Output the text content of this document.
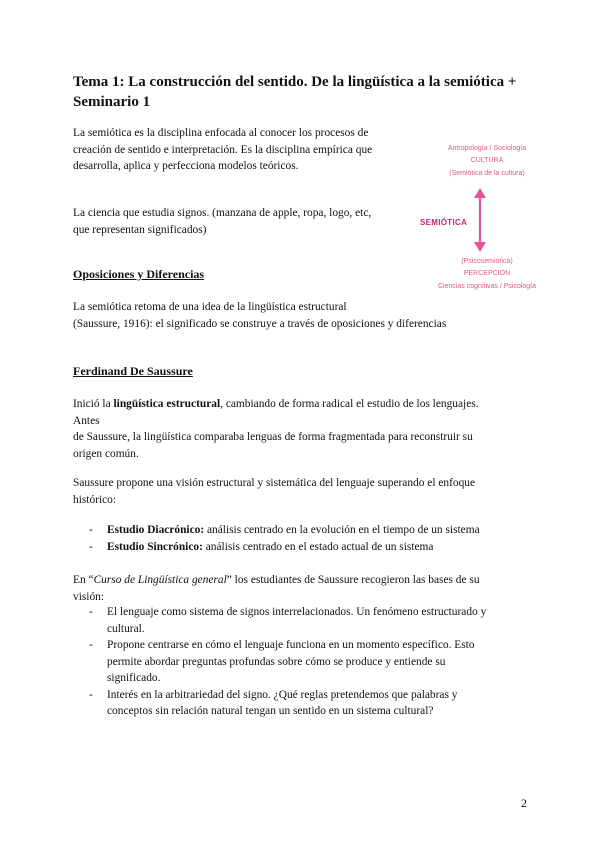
Tema 1: La construcción del sentido. De la lingüística a la semiótica + Seminario 1
La semiótica es la disciplina enfocada al conocer los procesos de
creación de sentido e interpretación. Es la disciplina empírica que
desarrolla, aplica y perfecciona modelos teóricos.
La ciencia que estudia signos. (manzana de apple, ropa, logo, etc,
que representan significados)
Antropología / Sociología
CULTURA
(Semiótica de la cultura)
SEMIÓTICA
(Psicosemiótica)
PERCEPCIÓN
Ciencias cognitivas / Psicología
Oposiciones y Diferencias
La semiótica retoma de una idea de la lingüística estructural
(Saussure, 1916): el significado se construye a través de oposiciones y diferencias
Ferdinand De Saussure
Inició la lingüística estructural, cambiando de forma radical el estudio de los lenguajes.
Antes
de Saussure, la lingüística comparaba lenguas de forma fragmentada para reconstruir su
origen común.
Saussure propone una visión estructural y sistemática del lenguaje superando el enfoque
histórico:
- Estudio Diacrónico: análisis centrado en la evolución en el tiempo de un sistema
- Estudio Sincrónico: análisis centrado en el estado actual de un sistema
En “Curso de Lingüística general” los estudiantes de Saussure recogieron las bases de su
visión:
- El lenguaje como sistema de signos interrelacionados. Un fenómeno estructurado y
cultural.
- Propone centrarse en cómo el lenguaje funciona en un momento específico. Esto
permite abordar preguntas profundas sobre cómo se produce y entiende su
significado.
- Interés en la arbitrariedad del signo. ¿Qué reglas pretendemos que palabras y
conceptos sin relación natural tengan un sentido en un sistema cultural?
2
